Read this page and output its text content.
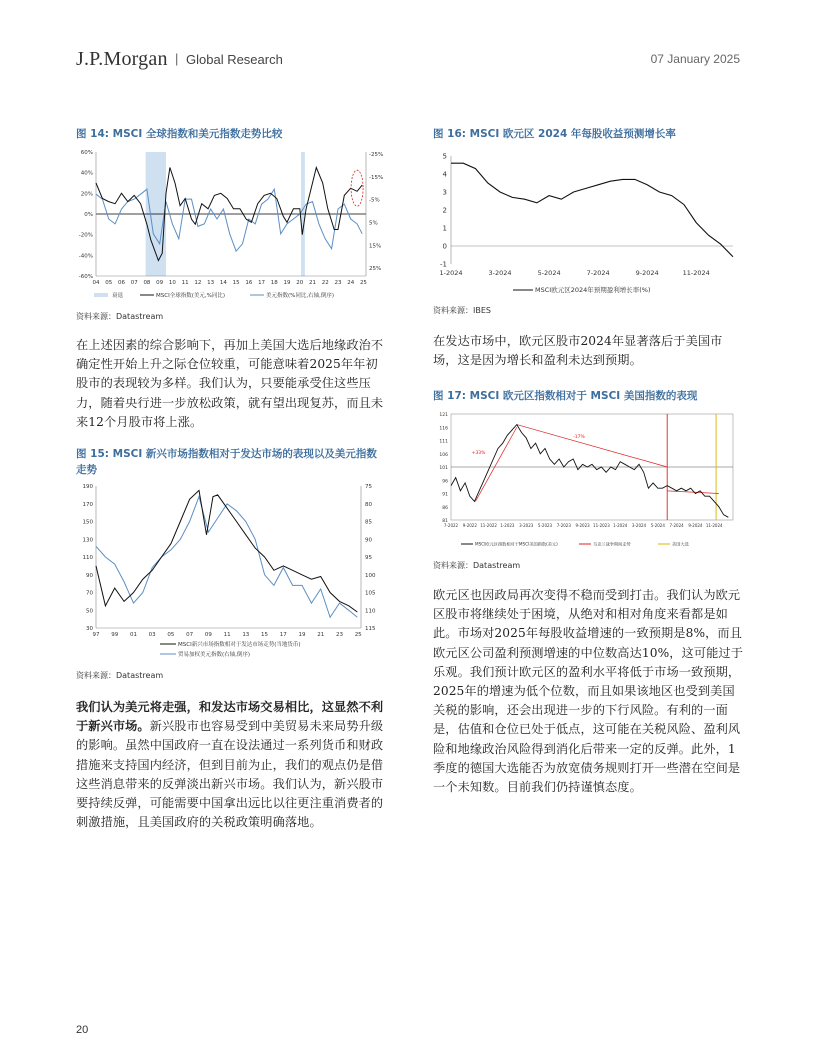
J.P.Morgan | Global Research	07 January 2025
图 14: MSCI 全球指数和美元指数走势比较
60%
40%
20%
0%
-20%
-40%
-60%
-25%
-15%
-5%
5%
15%
25%
04 05 06 07 08 09 10 11 12 13 14 15 16 17 18 19 20 21 22 23 24 25
衰退	MSCI全球指数(美元,%同比)	美元指数(%同比,右轴,倒序)
资料来源：Datastream

在上述因素的综合影响下，再加上美国大选后地缘政治不确定性开始上升之际仓位较重，可能意味着2025年年初股市的表现较为多样。我们认为，只要能承受住这些压力，随着央行进一步放松政策，就有望出现复苏，而且未来12个月股市将上涨。

图 15: MSCI 新兴市场指数相对于发达市场的表现以及美元指数走势
190
170
150
130
110
90
70
50
30
75
80
85
90
95
100
105
110
115
97 99 01 03 05 07 09 11 13 15 17 19 21 23 25
MSCI新兴市场指数相对于发达市场走势(当地货币)
贸易加权美元指数(右轴,倒序)
资料来源：Datastream

我们认为美元将走强，和发达市场交易相比，这显然不利于新兴市场。新兴股市也容易受到中美贸易未来局势升级的影响。虽然中国政府一直在设法通过一系列货币和财政措施来支持国内经济，但到目前为止，我们的观点仍是借这些消息带来的反弹淡出新兴市场。我们认为，新兴股市要持续反弹，可能需要中国拿出远比以往更注重消费者的刺激措施，且美国政府的关税政策明确落地。

图 16: MSCI 欧元区 2024 年每股收益预测增长率
5
4
3
2
1
0
-1
1-2024	3-2024	5-2024	7-2024	9-2024	11-2024
MSCI欧元区2024年预期盈利增长率(%)
资料来源：IBES

在发达市场中，欧元区股市2024年显著落后于美国市场，这是因为增长和盈利未达到预期。

图 17: MSCI 欧元区指数相对于 MSCI 美国指数的表现
121
116
111
106
101
96
91
86
81
7-2022 9-2022 11-2022 1-2023 3-2023 5-2023 7-2023 9-2023 11-2023 1-2024 3-2024 5-2024 7-2024 9-2024 11-2024
+33%
-17%
MSCI欧元区指数相对于MSCI美国指数(美元)	乌克兰战争期间走势	美国大选
资料来源：Datastream

欧元区也因政局再次变得不稳而受到打击。我们认为欧元区股市将继续处于困境，从绝对和相对角度来看都是如此。市场对2025年每股收益增速的一致预期是8%，而且欧元区公司盈利预测增速的中位数高达10%，这可能过于乐观。我们预计欧元区的盈利水平将低于市场一致预期，2025年的增速为低个位数，而且如果该地区也受到美国关税的影响，还会出现进一步的下行风险。有利的一面是，估值和仓位已处于低点，这可能在关税风险、盈利风险和地缘政治风险得到消化后带来一定的反弹。此外，1季度的德国大选能否为放宽债务规则打开一些潜在空间是一个未知数。目前我们仍持谨慎态度。

20
